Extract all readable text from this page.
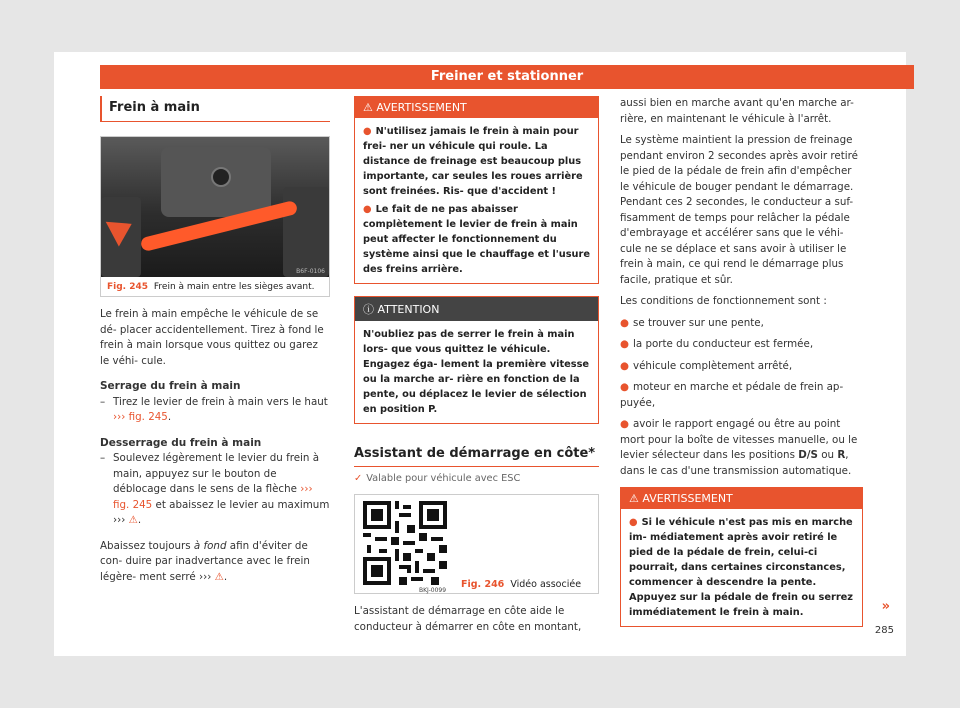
Freiner et stationner
Frein à main
B6F-0106
Fig. 245 Frein à main entre les sièges avant.

Le frein à main empêche le véhicule de se dé- placer accidentellement. Tirez à fond le frein à main lorsque vous quittez ou garez le véhi- cule.

Serrage du frein à main

– Tirez le levier de frein à main vers le haut ››› fig. 245.

Desserrage du frein à main

– Soulevez légèrement le levier du frein à main, appuyez sur le bouton de déblocage dans le sens de la flèche ››› fig. 245 et abaissez le levier au maximum ››› ⚠.

Abaissez toujours à fond afin d'éviter de con- duire par inadvertance avec le frein légère- ment serré ››› ⚠.

⚠ AVERTISSEMENT

● N'utilisez jamais le frein à main pour frei- ner un véhicule qui roule. La distance de freinage est beaucoup plus importante, car seules les roues arrière sont freinées. Ris- que d'accident !

● Le fait de ne pas abaisser complètement le levier de frein à main peut affecter le fonctionnement du système ainsi que le chauffage et l'usure des freins arrière.

ⓘ ATTENTION

N'oubliez pas de serrer le frein à main lors- que vous quittez le véhicule. Engagez éga- lement la première vitesse ou la marche ar- rière en fonction de la pente, ou déplacez le levier de sélection en position P.

Assistant de démarrage en côte*
✓ Valable pour véhicule avec ESC
BKJ-0099
Fig. 246 Vidéo associée

L'assistant de démarrage en côte aide le conducteur à démarrer en côte en montant,

aussi bien en marche avant qu'en marche ar- rière, en maintenant le véhicule à l'arrêt.

Le système maintient la pression de freinage pendant environ 2 secondes après avoir retiré le pied de la pédale de frein afin d'empêcher le véhicule de bouger pendant le démarrage. Pendant ces 2 secondes, le conducteur a suf- fisamment de temps pour relâcher la pédale d'embrayage et accélérer sans que le véhi- cule ne se déplace et sans avoir à utiliser le frein à main, ce qui rend le démarrage plus facile, pratique et sûr.

Les conditions de fonctionnement sont :

● se trouver sur une pente,

● la porte du conducteur est fermée,

● véhicule complètement arrêté,

● moteur en marche et pédale de frein ap- puyée,

● avoir le rapport engagé ou être au point mort pour la boîte de vitesses manuelle, ou le levier sélecteur dans les positions D/S ou R, dans le cas d'une transmission automatique.

⚠ AVERTISSEMENT

● Si le véhicule n'est pas mis en marche im- médiatement après avoir retiré le pied de la pédale de frein, celui-ci pourrait, dans certaines circonstances, commencer à descendre la pente. Appuyez sur la pédale de frein ou serrez immédiatement le frein à main.	»
285
